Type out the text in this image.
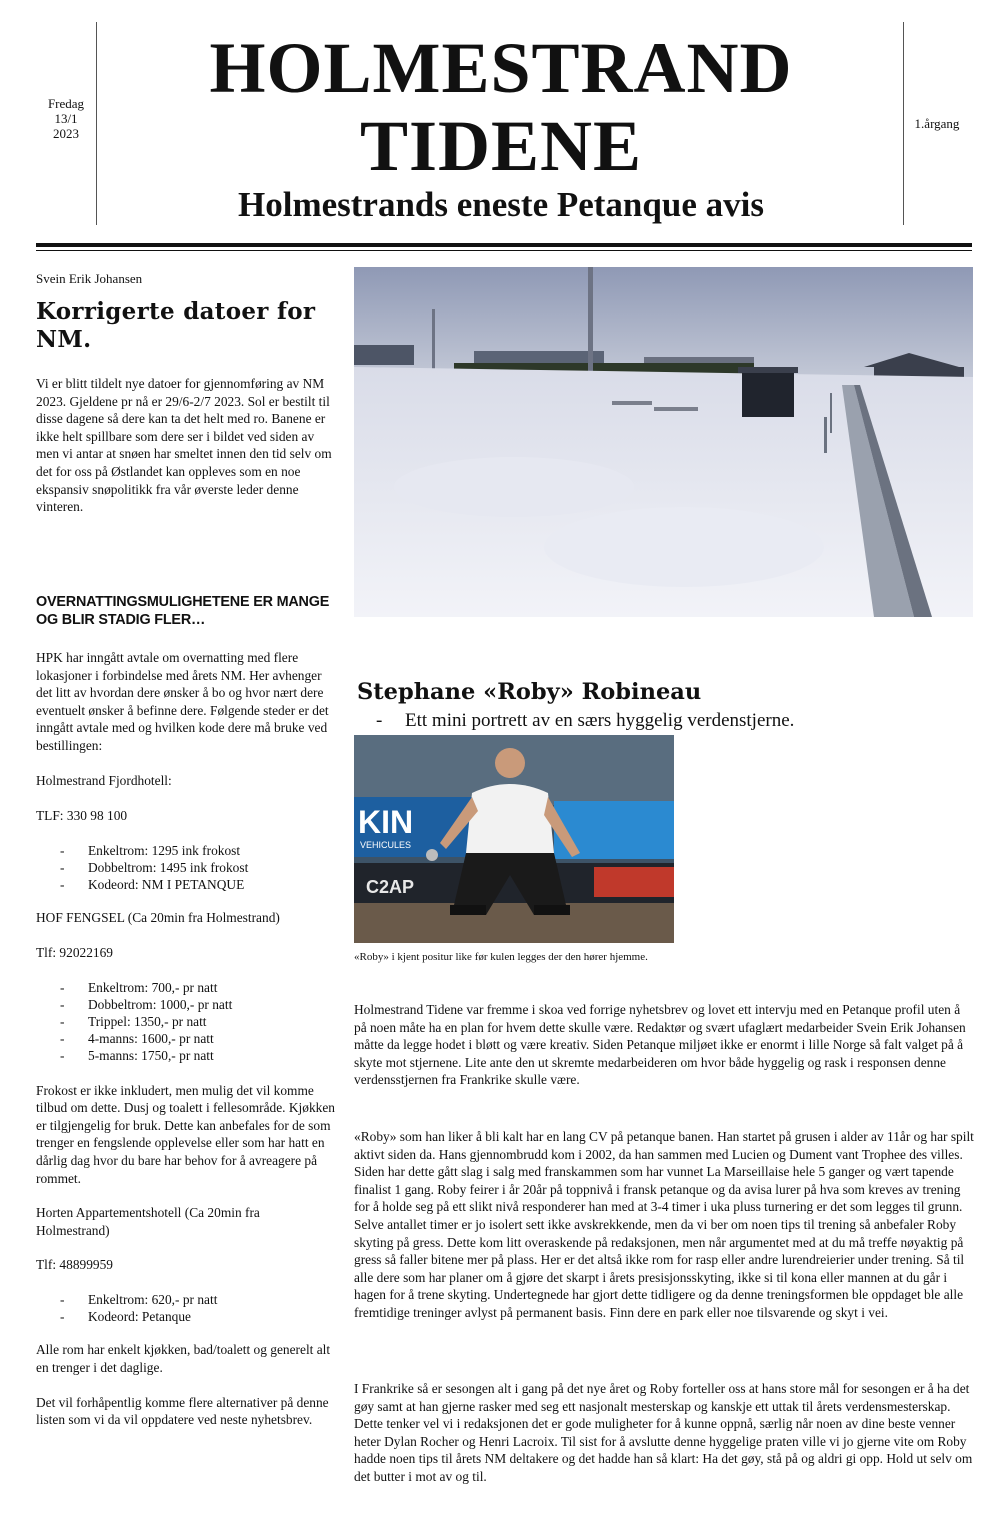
Fredag
13/1
2023
1.årgang
HOLMESTRAND
TIDENE
Holmestrands eneste Petanque avis
Svein Erik Johansen
Korrigerte datoer for NM.
Vi er blitt tildelt nye datoer for gjennomføring av NM 2023. Gjeldene pr nå er 29/6-2/7 2023. Sol er bestilt til disse dagene så dere kan ta det helt med ro. Banene er ikke helt spillbare som dere ser i bildet ved siden av men vi antar at snøen har smeltet innen den tid selv om det for oss på Østlandet kan oppleves som en noe ekspansiv snøpolitikk fra vår øverste leder denne vinteren.
OVERNATTINGSMULIGHETENE ER MANGE OG BLIR STADIG FLER…

HPK har inngått avtale om overnatting med flere lokasjoner i forbindelse med årets NM. Her avhenger det litt av hvordan dere ønsker å bo og hvor nært dere eventuelt ønsker å befinne dere. Følgende steder er det inngått avtale med og hvilken kode dere må bruke ved bestillingen:

Holmestrand Fjordhotell:

TLF: 330 98 100

- Enkeltrom: 1295 ink frokost
- Dobbeltrom: 1495 ink frokost
- Kodeord: NM I PETANQUE

HOF FENGSEL (Ca 20min fra Holmestrand)

Tlf: 92022169

- Enkeltrom: 700,- pr natt
- Dobbeltrom: 1000,- pr natt
- Trippel: 1350,- pr natt
- 4-manns: 1600,- pr natt
- 5-manns: 1750,- pr natt

Frokost er ikke inkludert, men mulig det vil komme tilbud om dette. Dusj og toalett i fellesområde. Kjøkken er tilgjengelig for bruk. Dette kan anbefales for de som trenger en fengslende opplevelse eller som har hatt en dårlig dag hvor du bare har behov for å avreagere på rommet.

Horten Appartementshotell (Ca 20min fra Holmestrand)

Tlf: 48899959

- Enkeltrom: 620,- pr natt
- Kodeord: Petanque

Alle rom har enkelt kjøkken, bad/toalett og generelt alt en trenger i det daglige.

Det vil forhåpentlig komme flere alternativer på denne listen som vi da vil oppdatere ved neste nyhetsbrev.

Stephane «Roby» Robineau
- Ett mini portrett av en særs hyggelig verdenstjerne.
KIN
VEHICULES
C2AP
«Roby» i kjent positur like før kulen legges der den hører hjemme.
Holmestrand Tidene var fremme i skoa ved forrige nyhetsbrev og lovet ett intervju med en Petanque profil uten å på noen måte ha en plan for hvem dette skulle være. Redaktør og svært ufaglært medarbeider Svein Erik Johansen måtte da legge hodet i bløtt og være kreativ. Siden Petanque miljøet ikke er enormt i lille Norge så falt valget på å skyte mot stjernene. Lite ante den ut skremte medarbeideren om hvor både hyggelig og rask i responsen denne verdensstjernen fra Frankrike skulle være.
«Roby» som han liker å bli kalt har en lang CV på petanque banen. Han startet på grusen i alder av 11år og har spilt aktivt siden da. Hans gjennombrudd kom i 2002, da han sammen med Lucien og Dument vant Trophee des villes. Siden har dette gått slag i salg med franskammen som har vunnet La Marseillaise hele 5 ganger og vært tapende finalist 1 gang. Roby feirer i år 20år på toppnivå i fransk petanque og da avisa lurer på hva som kreves av trening for å holde seg på ett slikt nivå responderer han med at 3-4 timer i uka pluss turnering er det som legges til grunn. Selve antallet timer er jo isolert sett ikke avskrekkende, men da vi ber om noen tips til trening så anbefaler Roby skyting på gress. Dette kom litt overaskende på redaksjonen, men når argumentet med at du må treffe nøyaktig på gress så faller bitene mer på plass. Her er det altså ikke rom for rasp eller andre lurendreierier under trening. Så til alle dere som har planer om å gjøre det skarpt i årets presisjonsskyting, ikke si til kona eller mannen at du går i hagen for å trene skyting. Undertegnede har gjort dette tidligere og da denne treningsformen ble oppdaget ble alle fremtidige treninger avlyst på permanent basis. Finn dere en park eller noe tilsvarende og skyt i vei.
I Frankrike så er sesongen alt i gang på det nye året og Roby forteller oss at hans store mål for sesongen er å ha det gøy samt at han gjerne rasker med seg ett nasjonalt mesterskap og kanskje ett uttak til årets verdensmesterskap. Dette tenker vel vi i redaksjonen det er gode muligheter for å kunne oppnå, særlig når noen av dine beste venner heter Dylan Rocher og Henri Lacroix. Til sist for å avslutte denne hyggelige praten ville vi jo gjerne vite om Roby hadde noen tips til årets NM deltakere og det hadde han så klart: Ha det gøy, stå på og aldri gi opp. Hold ut selv om det butter i mot av og til.
